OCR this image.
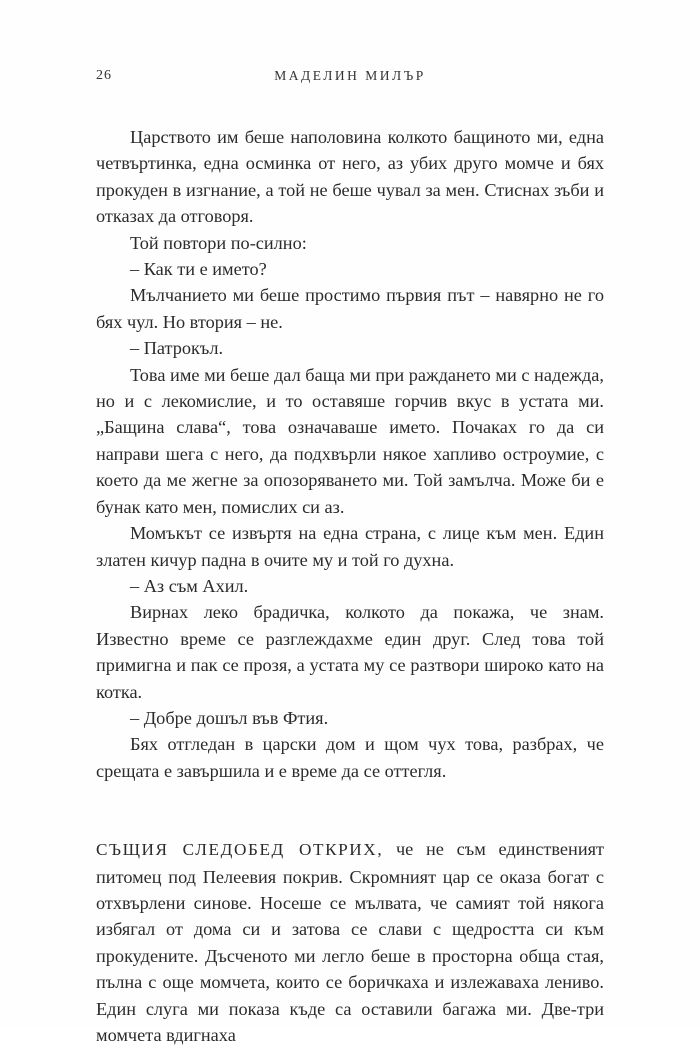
26	МАДЕЛИН МИЛЪР

Царството им беше наполовина колкото бащиното ми, една четвъртинка, една осминка от него, аз убих друго момче и бях прокуден в изгнание, а той не беше чувал за мен. Стиснах зъби и отказах да отговоря.

Той повтори по-силно:

– Как ти е името?

Мълчанието ми беше простимо първия път – навярно не го бях чул. Но втория – не.

– Патрокъл.

Това име ми беше дал баща ми при раждането ми с надежда, но и с лекомислие, и то оставяше горчив вкус в устата ми. „Бащина слава“, това означаваше името. Почаках го да си направи шега с него, да подхвърли някое хапливо остроумие, с което да ме жегне за опозоряването ми. Той замълча. Може би е бунак като мен, помислих си аз.

Момъкът се извъртя на една страна, с лице към мен. Един златен кичур падна в очите му и той го духна.

– Аз съм Ахил.

Вирнах леко брадичка, колкото да покажа, че знам. Известно време се разглеждахме един друг. След това той примигна и пак се прозя, а устата му се разтвори широко като на котка.

– Добре дошъл във Фтия.

Бях отгледан в царски дом и щом чух това, разбрах, че срещата е завършила и е време да се оттегля.

СЪЩИЯ СЛЕДОБЕД ОТКРИХ, че не съм единственият питомец под Пелеевия покрив. Скромният цар се оказа богат с отхвърлени синове. Носеше се мълвата, че самият той някога избягал от дома си и затова се слави с щедростта си към прокудените. Дъсченото ми легло беше в просторна обща стая, пълна с още момчета, които се боричкаха и излежаваха лениво. Един слуга ми показа къде са оставили багажа ми. Две-три момчета вдигнаха
